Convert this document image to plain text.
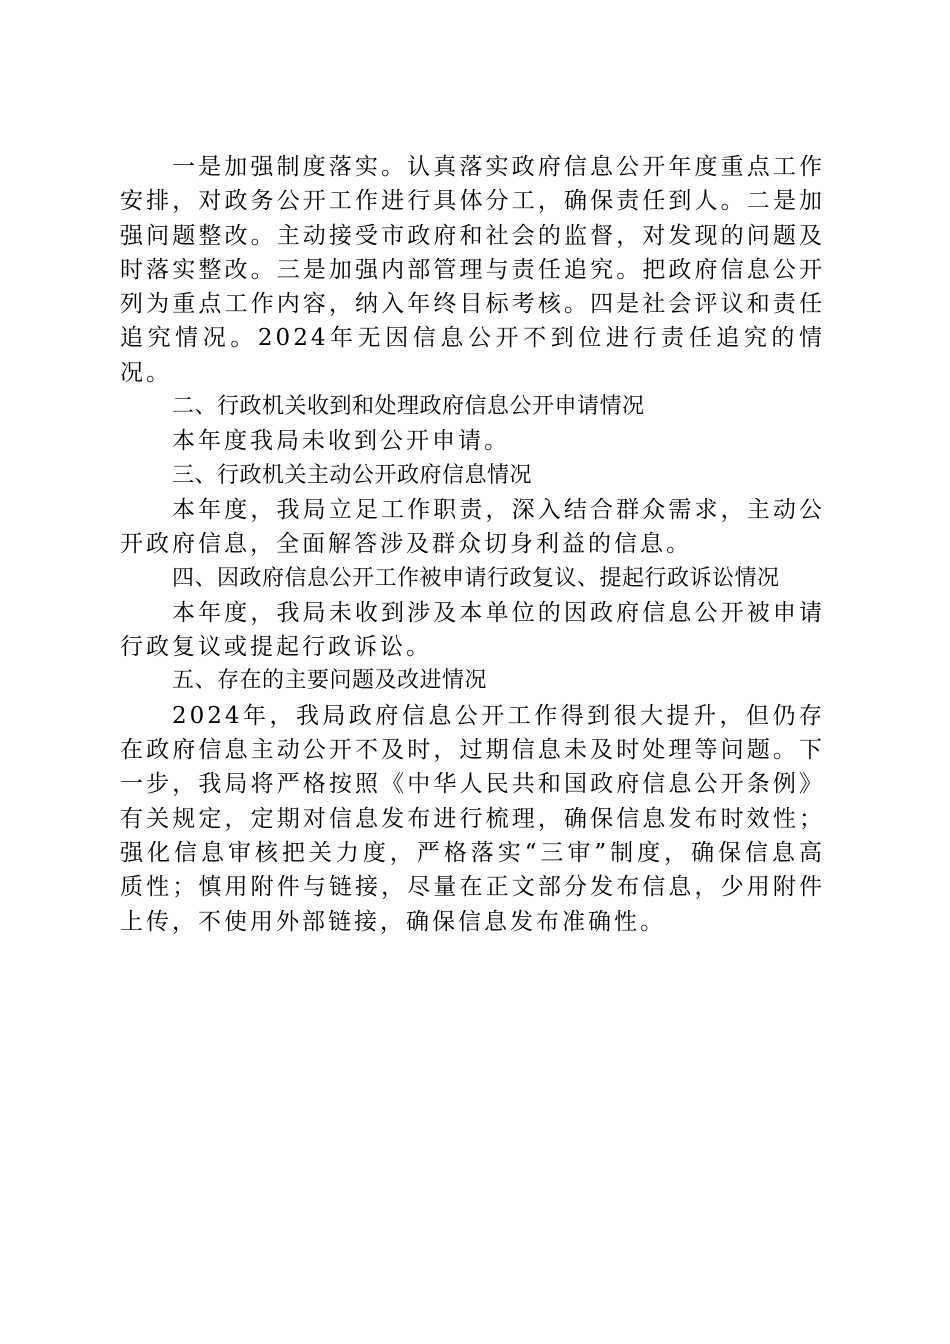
一是加强制度落实。认真落实政府信息公开年度重点工作安排，对政务公开工作进行具体分工，确保责任到人。二是加强问题整改。主动接受市政府和社会的监督，对发现的问题及时落实整改。三是加强内部管理与责任追究。把政府信息公开列为重点工作内容，纳入年终目标考核。四是社会评议和责任追究情况。2024年无因信息公开不到位进行责任追究的情况。

二、行政机关收到和处理政府信息公开申请情况

本年度我局未收到公开申请。

三、行政机关主动公开政府信息情况

本年度，我局立足工作职责，深入结合群众需求，主动公开政府信息，全面解答涉及群众切身利益的信息。

四、因政府信息公开工作被申请行政复议、提起行政诉讼情况

本年度，我局未收到涉及本单位的因政府信息公开被申请行政复议或提起行政诉讼。

五、存在的主要问题及改进情况

2024年，我局政府信息公开工作得到很大提升，但仍存在政府信息主动公开不及时，过期信息未及时处理等问题。下一步，我局将严格按照《中华人民共和国政府信息公开条例》有关规定，定期对信息发布进行梳理，确保信息发布时效性；强化信息审核把关力度，严格落实“三审”制度，确保信息高质性；慎用附件与链接，尽量在正文部分发布信息，少用附件上传，不使用外部链接，确保信息发布准确性。
